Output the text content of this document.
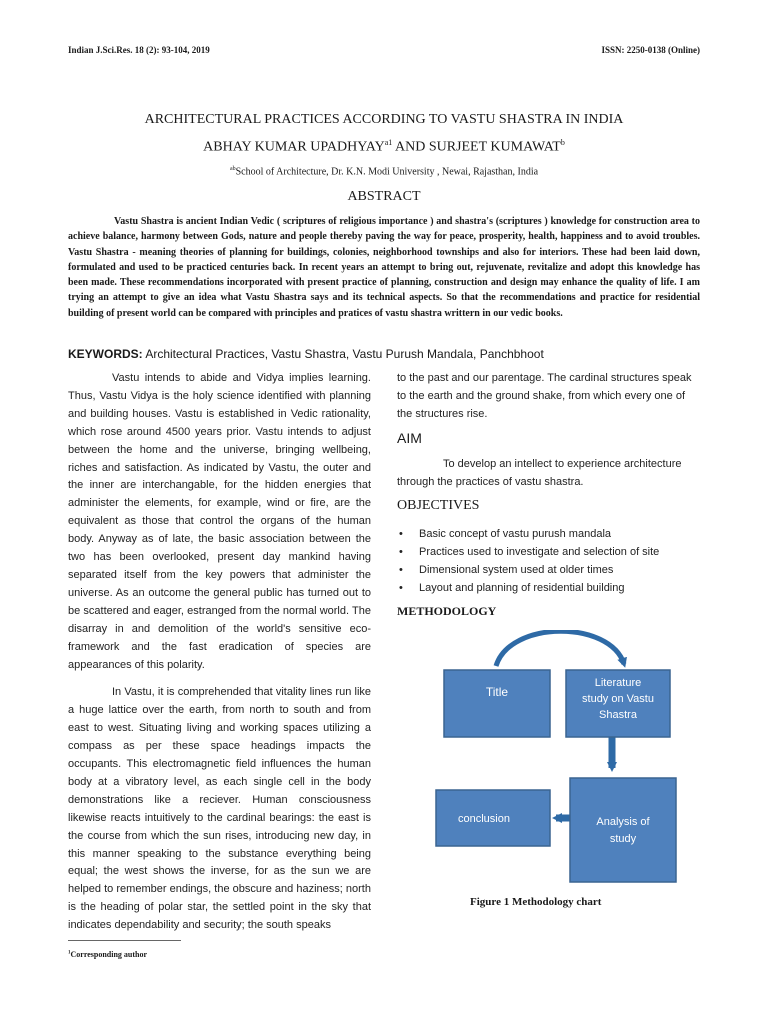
Indian J.Sci.Res. 18 (2): 93-104, 2019	ISSN: 2250-0138 (Online)
ARCHITECTURAL PRACTICES ACCORDING TO VASTU SHASTRA IN INDIA
ABHAY KUMAR $UPADHYAY^{a1}$ AND SURJEET KUMAWAT$^b$
$^{ab}$School of Architecture, Dr. K.N. Modi University , Newai, Rajasthan, India
ABSTRACT

Vastu Shastra is ancient Indian Vedic ( scriptures of religious importance ) and shastra's (scriptures ) knowledge for construction area to achieve balance, harmony between Gods, nature and people thereby paving the way for peace, prosperity, health, happiness and to avoid troubles. Vastu Shastra - meaning theories of planning for buildings, colonies, neighborhood townships and also for interiors. These had been laid down, formulated and used to be practiced centuries back. In recent years an attempt to bring out, rejuvenate, revitalize and adopt this knowledge has been made. These recommendations incorporated with present practice of planning, construction and design may enhance the quality of life. I am trying an attempt to give an idea what Vastu Shastra says and its technical aspects. So that the recommendations and practice for residential building of present world can be compared with principles and pratices of vastu shastra writtern in our vedic books.

KEYWORDS: Architectural Practices, Vastu Shastra, Vastu Purush Mandala, Panchbhoot

Vastu intends to abide and Vidya implies learning. Thus, Vastu Vidya is the holy science identified with planning and building houses. Vastu is established in Vedic rationality, which rose around 4500 years prior. Vastu intends to adjust between the home and the universe, bringing wellbeing, riches and satisfaction. As indicated by Vastu, the outer and the inner are interchangable, for the hidden energies that administer the elements, for example, wind or fire, are the equivalent as those that control the organs of the human body. Anyway as of late, the basic association between the two has been overlooked, present day mankind having separated itself from the key powers that administer the universe. As an outcome the general public has turned out to be scattered and eager, estranged from the normal world. The disarray in and demolition of the world's sensitive eco-framework and the fast eradication of species are appearances of this polarity.

In Vastu, it is comprehended that vitality lines run like a huge lattice over the earth, from north to south and from east to west. Situating living and working spaces utilizing a compass as per these space headings impacts the occupants. This electromagnetic field influences the human body at a vibratory level, as each single cell in the body demonstrations like a reciever. Human consciousness likewise reacts intuitively to the cardinal bearings: the east is the course from which the sun rises, introducing new day, in this manner speaking to the substance everything being equal; the west shows the inverse, for as the sun we are helped to remember endings, the obscure and haziness; north is the heading of polar star, the settled point in the sky that indicates dependability and security; the south speaks

to the past and our parentage. The cardinal structures speak to the earth and the ground shake, from which every one of the structures rise.

AIM

To develop an intellect to experience architecture through the practices of vastu shastra.

OBJECTIVES
• Basic concept of vastu purush mandala
• Practices used to investigate and selection of site
• Dimensional system used at older times
• Layout and planning of residential building
METHODOLOGY
Title
Literature
study on Vastu
Shastra
Analysis of
study
conclusion
Figure 1 Methodology chart
$^1$Corresponding author
